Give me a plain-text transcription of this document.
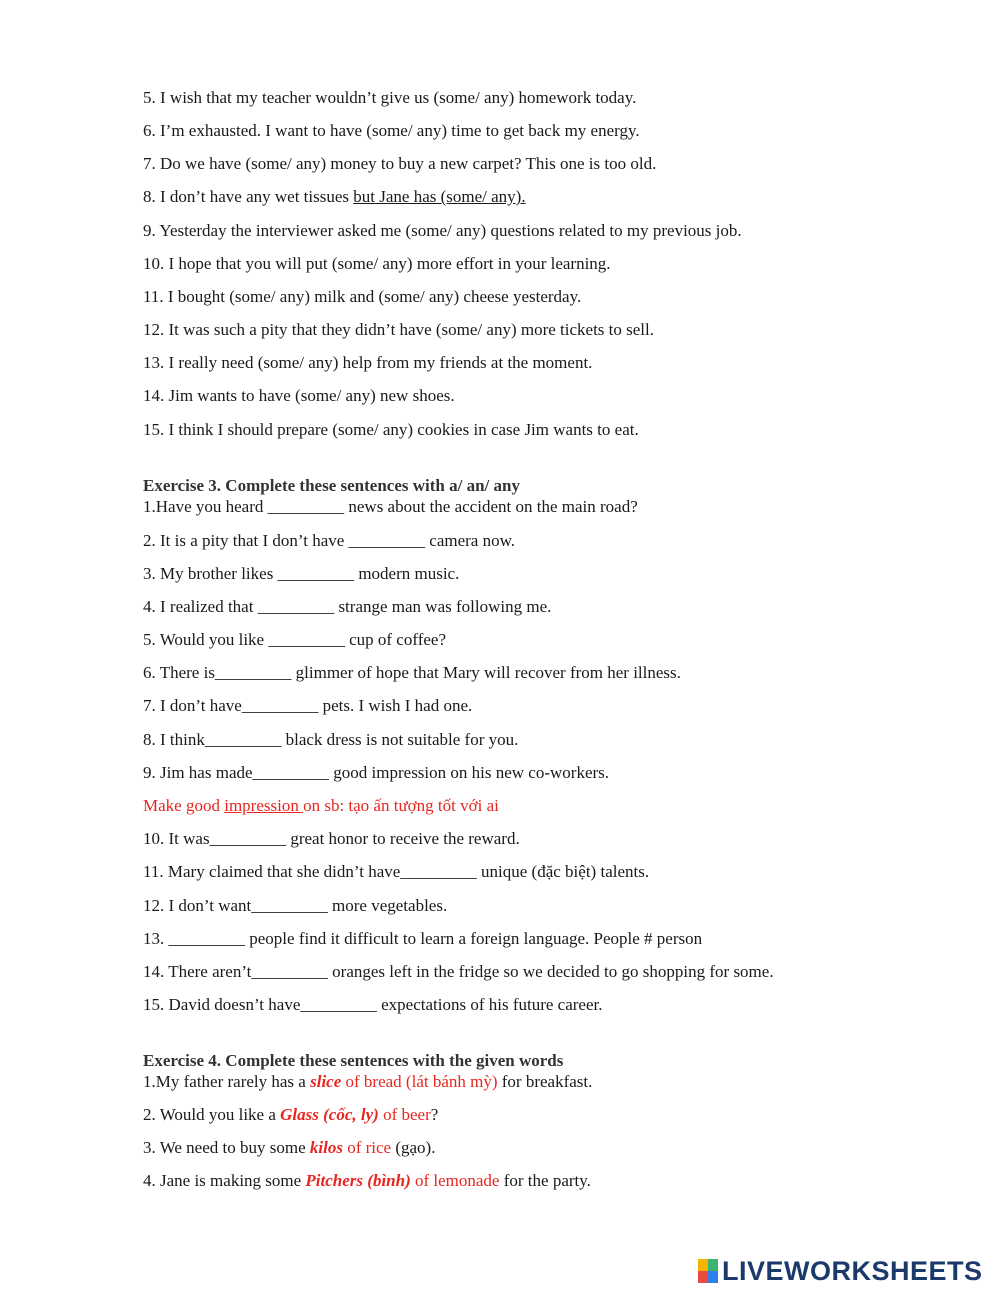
5. I wish that my teacher wouldn’t give us (some/ any) homework today.
6. I’m exhausted. I want to have (some/ any) time to get back my energy.
7. Do we have (some/ any) money to buy a new carpet? This one is too old.
8. I don’t have any wet tissues but Jane has (some/ any).
9. Yesterday the interviewer asked me (some/ any) questions related to my previous job.
10. I hope that you will put (some/ any) more effort in your learning.
11. I bought (some/ any) milk and (some/ any) cheese yesterday.
12. It was such a pity that they didn’t have (some/ any) more tickets to sell.
13. I really need (some/ any) help from my friends at the moment.
14. Jim wants to have (some/ any) new shoes.
15. I think I should prepare (some/ any) cookies in case Jim wants to eat.
Exercise 3. Complete these sentences with a/ an/ any
1.Have you heard _________ news about the accident on the main road?
2. It is a pity that I don’t have _________ camera now.
3. My brother likes _________ modern music.
4. I realized that _________ strange man was following me.
5. Would you like _________ cup of coffee?
6. There is_________ glimmer of hope that Mary will recover from her illness.
7. I don’t have_________ pets. I wish I had one.
8. I think_________ black dress is not suitable for you.
9. Jim has made_________ good impression on his new co-workers.
Make good impression on sb: tạo ấn tượng tốt với ai
10. It was_________ great honor to receive the reward.
11. Mary claimed that she didn’t have_________ unique (đặc biệt) talents.
12. I don’t want_________ more vegetables.
13. _________ people find it difficult to learn a foreign language. People # person
14. There aren’t_________ oranges left in the fridge so we decided to go shopping for some.
15. David doesn’t have_________ expectations of his future career.
Exercise 4. Complete these sentences with the given words
1.My father rarely has a slice of bread (lát bánh mỳ) for breakfast.
2. Would you like a Glass (cốc, ly) of beer?
3. We need to buy some kilos of rice (gạo).
4. Jane is making some Pitchers (bình) of lemonade for the party.
LIVEWORKSHEETS
